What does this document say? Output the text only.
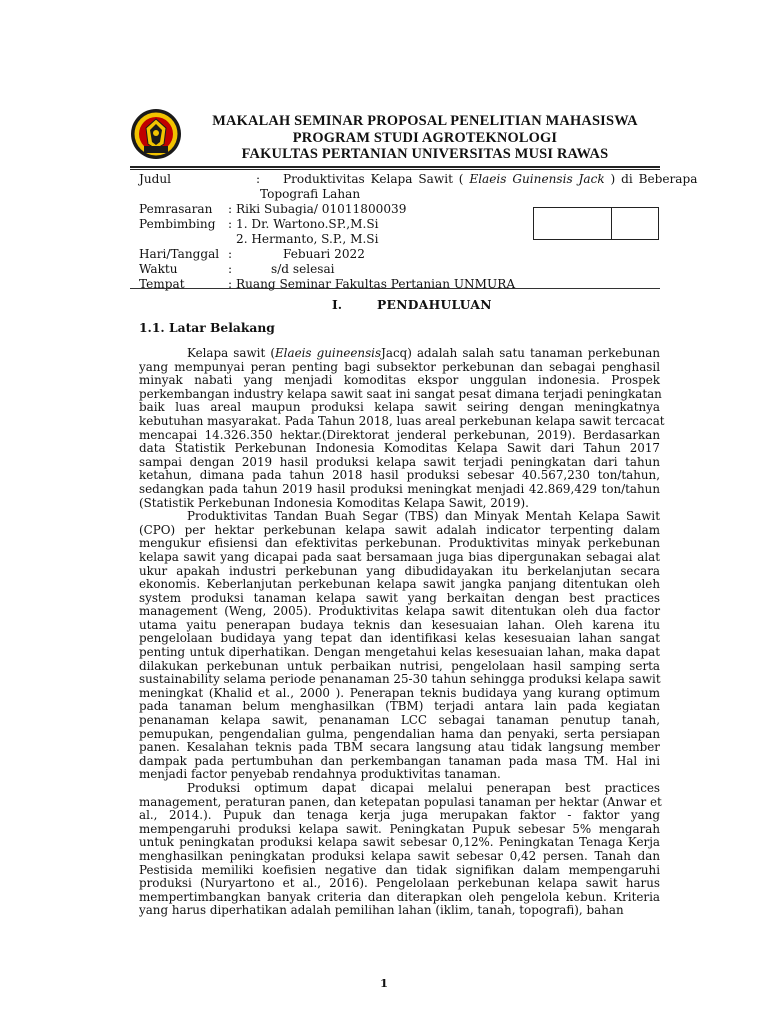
MAKALAH SEMINAR PROPOSAL PENELITIAN MAHASISWA
PROGRAM STUDI AGROTEKNOLOGI
FAKULTAS PERTANIAN UNIVERSITAS MUSI RAWAS
Judul	: Produktivitas Kelapa Sawit ( Elaeis Guinensis Jack ) di Beberapa
Topografi Lahan
Pemrasaran : Riki Subagia/ 01011800039
Pembimbing : 1. Dr. Wartono.SP.,M.Si
2. Hermanto, S.P., M.Si
Hari/Tanggal :	Febuari 2022
Waktu	:	s/d selesai
Tempat	: Ruang Seminar Fakultas Pertanian UNMURA
I.	PENDAHULUAN
1.1. Latar Belakang
Kelapa sawit (Elaeis guineensisJacq) adalah salah satu tanaman perkebunan
yang mempunyai peran penting bagi subsektor perkebunan dan sebagai penghasil
minyak nabati yang menjadi komoditas ekspor unggulan indonesia. Prospek
perkembangan industry kelapa sawit saat ini sangat pesat dimana terjadi peningkatan
baik luas areal maupun produksi kelapa sawit seiring dengan meningkatnya
kebutuhan masyarakat. Pada Tahun 2018, luas areal perkebunan kelapa sawit tercacat
mencapai 14.326.350 hektar.(Direktorat jenderal perkebunan, 2019). Berdasarkan
data Statistik Perkebunan Indonesia Komoditas Kelapa Sawit dari Tahun 2017
sampai dengan 2019 hasil produksi kelapa sawit terjadi peningkatan dari tahun
ketahun, dimana pada tahun 2018 hasil produksi sebesar 40.567,230 ton/tahun,
sedangkan pada tahun 2019 hasil produksi meningkat menjadi 42.869,429 ton/tahun
(Statistik Perkebunan Indonesia Komoditas Kelapa Sawit, 2019).
Produktivitas Tandan Buah Segar (TBS) dan Minyak Mentah Kelapa Sawit
(CPO) per hektar perkebunan kelapa sawit adalah indicator terpenting dalam
mengukur efisiensi dan efektivitas perkebunan. Produktivitas minyak perkebunan
kelapa sawit yang dicapai pada saat bersamaan juga bias dipergunakan sebagai alat
ukur apakah industri perkebunan yang dibudidayakan itu berkelanjutan secara
ekonomis. Keberlanjutan perkebunan kelapa sawit jangka panjang ditentukan oleh
system produksi tanaman kelapa sawit yang berkaitan dengan best practices
management (Weng, 2005). Produktivitas kelapa sawit ditentukan oleh dua factor
utama yaitu penerapan budaya teknis dan kesesuaian lahan. Oleh karena itu
pengelolaan budidaya yang tepat dan identifikasi kelas kesesuaian lahan sangat
penting untuk diperhatikan. Dengan mengetahui kelas kesesuaian lahan, maka dapat
dilakukan perkebunan untuk perbaikan nutrisi, pengelolaan hasil samping serta
sustainability selama periode penanaman 25-30 tahun sehingga produksi kelapa sawit
meningkat (Khalid et al., 2000 ). Penerapan teknis budidaya yang kurang optimum
pada tanaman belum menghasilkan (TBM) terjadi antara lain pada kegiatan
penanaman kelapa sawit, penanaman LCC sebagai tanaman penutup tanah,
pemupukan, pengendalian gulma, pengendalian hama dan penyaki, serta persiapan
panen. Kesalahan teknis pada TBM secara langsung atau tidak langsung member
dampak pada pertumbuhan dan perkembangan tanaman pada masa TM. Hal ini
menjadi factor penyebab rendahnya produktivitas tanaman.
Produksi optimum dapat dicapai melalui penerapan best practices
management, peraturan panen, dan ketepatan populasi tanaman per hektar (Anwar et
al., 2014.). Pupuk dan tenaga kerja juga merupakan faktor - faktor yang
mempengaruhi produksi kelapa sawit. Peningkatan Pupuk sebesar 5% mengarah
untuk peningkatan produksi kelapa sawit sebesar 0,12%. Peningkatan Tenaga Kerja
menghasilkan peningkatan produksi kelapa sawit sebesar 0,42 persen. Tanah dan
Pestisida memiliki koefisien negative dan tidak signifikan dalam mempengaruhi
produksi (Nuryartono et al., 2016). Pengelolaan perkebunan kelapa sawit harus
mempertimbangkan banyak criteria dan diterapkan oleh pengelola kebun. Kriteria
yang harus diperhatikan adalah pemilihan lahan (iklim, tanah, topografi), bahan
1
